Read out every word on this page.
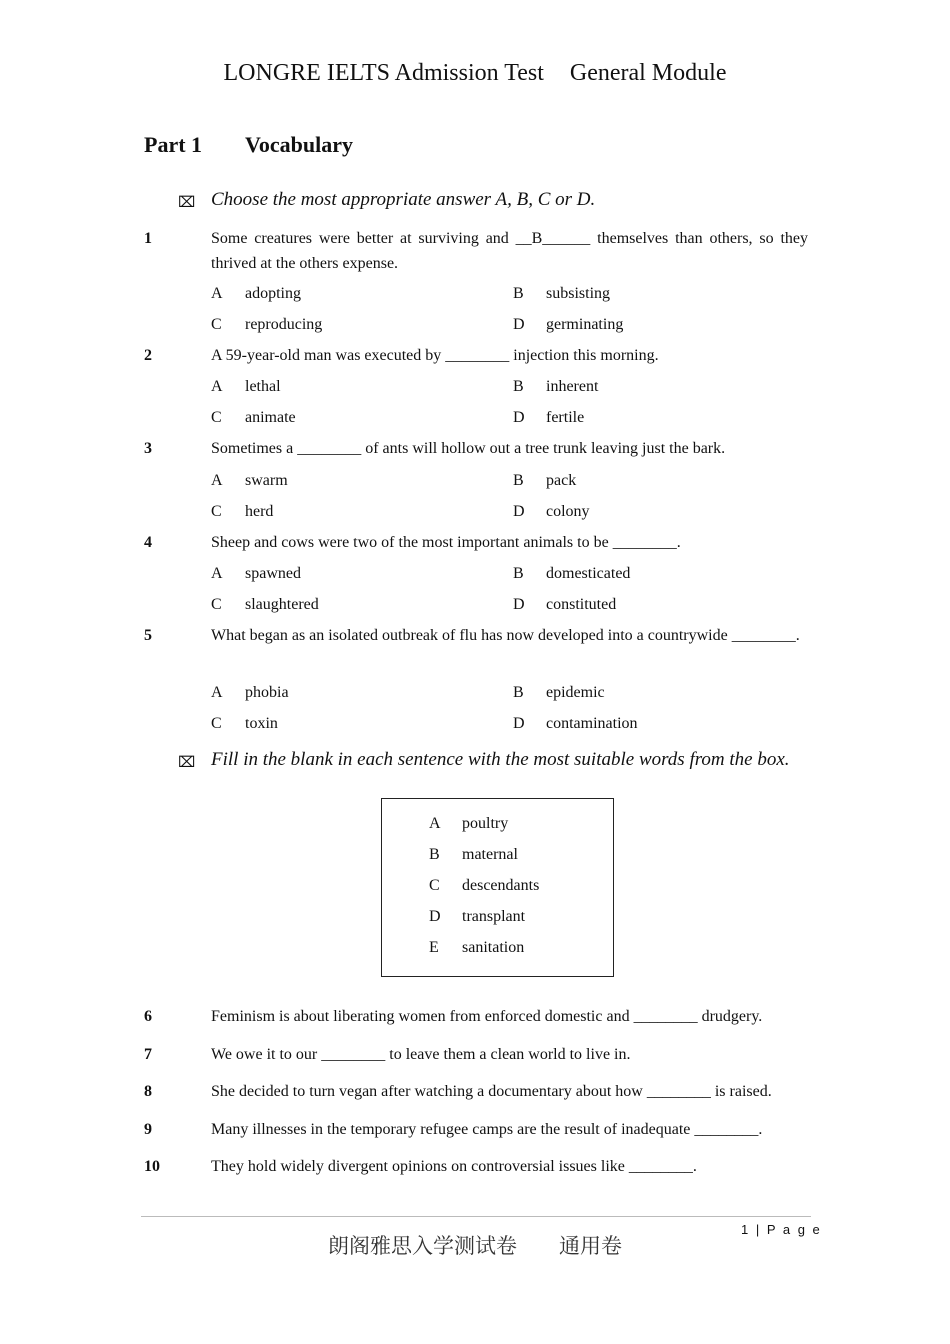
LONGRE IELTS Admission Test General Module
Part 1 Vocabulary
⌧ Choose the most appropriate answer A, B, C or D.
1	Some creatures were better at surviving and __B______ themselves than others, so they thrived at the others expense.
A adopting	B subsisting
C reproducing	D germinating
2	A 59-year-old man was executed by ________ injection this morning.
A lethal	B inherent
C animate	D fertile
3	Sometimes a ________ of ants will hollow out a tree trunk leaving just the bark.
A swarm	B pack
C herd	D colony
4	Sheep and cows were two of the most important animals to be ________.
A spawned	B domesticated
C slaughtered	D constituted
5	What began as an isolated outbreak of flu has now developed into a countrywide ________.
A phobia	B epidemic
C toxin	D contamination
⌧ Fill in the blank in each sentence with the most suitable words from the box.
A poultry
B maternal
C descendants
D transplant
E sanitation
6	Feminism is about liberating women from enforced domestic and ________ drudgery.
7	We owe it to our ________ to leave them a clean world to live in.
8	She decided to turn vegan after watching a documentary about how ________ is raised.
9	Many illnesses in the temporary refugee camps are the result of inadequate ________.
10	They hold widely divergent opinions on controversial issues like ________.
1 | P a g e
朗阁雅思入学测试卷 通用卷
